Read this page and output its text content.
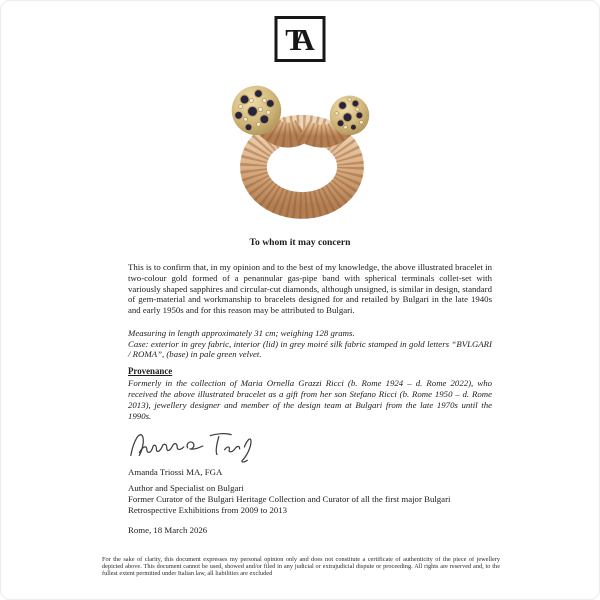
TA
To whom it may concern
This is to confirm that, in my opinion and to the best of my knowledge, the above illustrated bracelet in two-colour gold formed of a penannular gas-pipe band with spherical terminals collet-set with variously shaped sapphires and circular-cut diamonds, although unsigned, is similar in design, standard of gem-material and workmanship to bracelets designed for and retailed by Bulgari in the late 1940s and early 1950s and for this reason may be attributed to Bulgari.
Measuring in length approximately 31 cm; weighing 128 grams.
Case: exterior in grey fabric, interior (lid) in grey moiré silk fabric stamped in gold letters “BVLGARI / ROMA”, (base) in pale green velvet.
Provenance
Formerly in the collection of Maria Ornella Grazzi Ricci (b. Rome 1924 – d. Rome 2022), who received the above illustrated bracelet as a gift from her son Stefano Ricci (b. Rome 1950 – d. Rome 2013), jewellery designer and member of the design team at Bulgari from the late 1970s until the 1990s.
Amanda Triossi MA, FGA
Author and Specialist on Bulgari
Former Curator of the Bulgari Heritage Collection and Curator of all the first major Bulgari Retrospective Exhibitions from 2009 to 2013
Rome, 18 March 2026
For the sake of clarity, this document expresses my personal opinion only and does not constitute a certificate of authenticity of the piece of jewellery depicted above. This document cannot be used, showed and/or filed in any judicial or extrajudicial dispute or proceeding. All rights are reserved and, to the fullest extent permitted under Italian law, all liabilities are excluded
